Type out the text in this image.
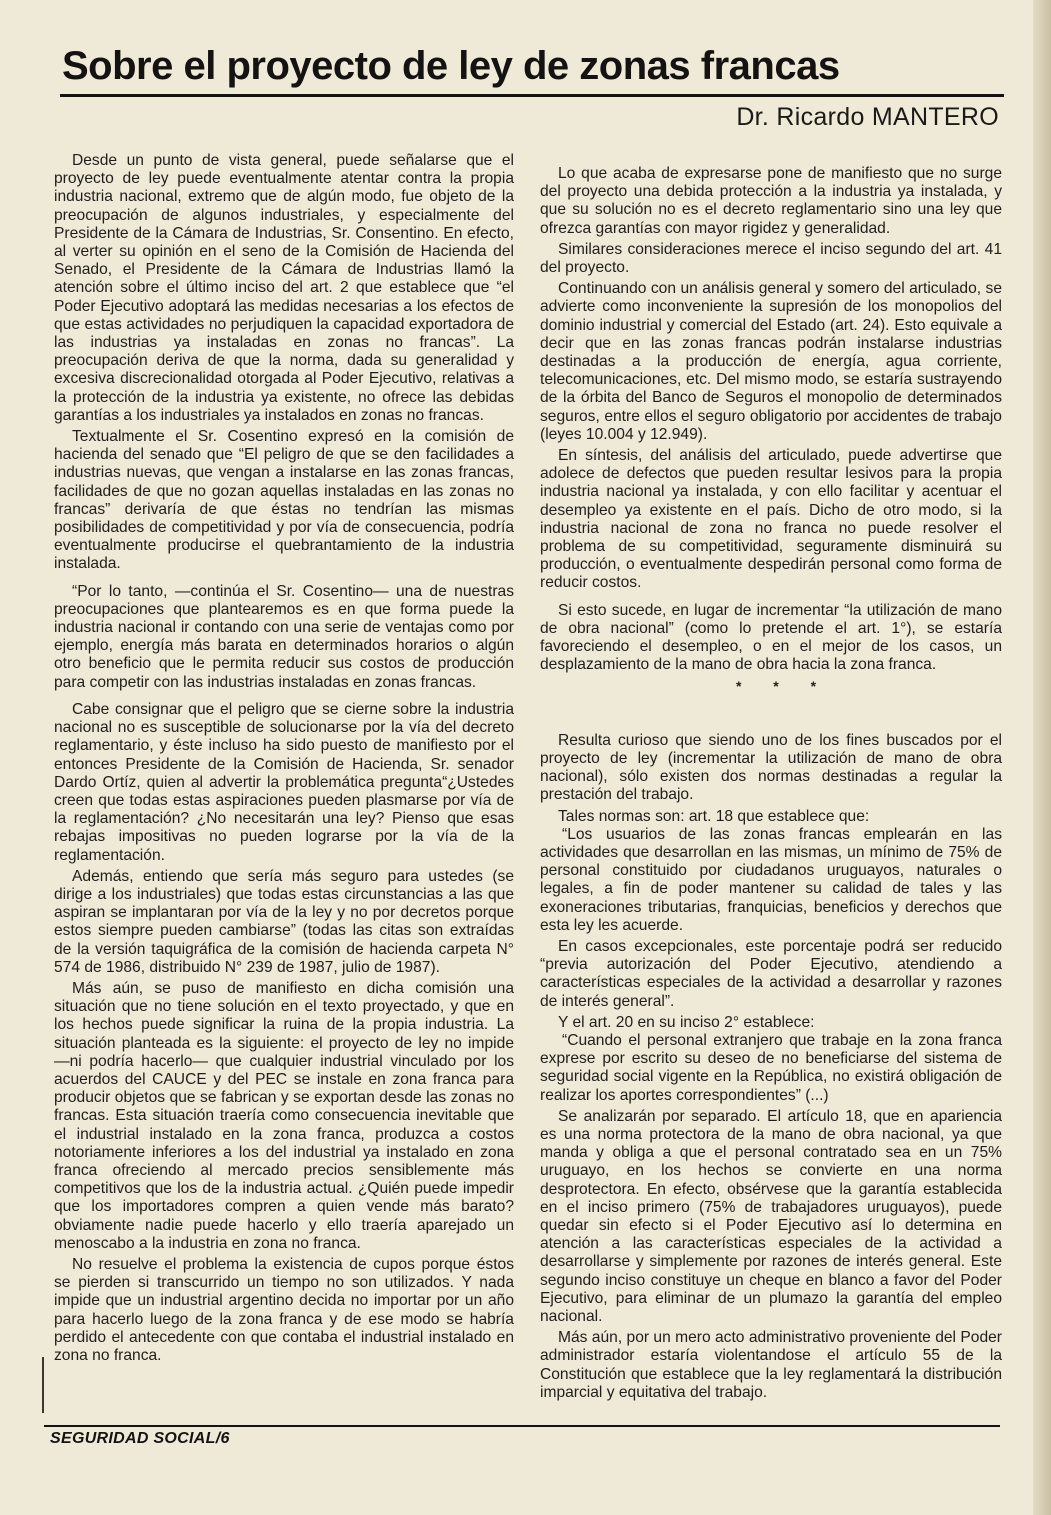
Sobre el proyecto de ley de zonas francas
Dr. Ricardo MANTERO

Desde un punto de vista general, puede señalarse que el proyecto de ley puede eventualmente atentar contra la propia industria nacional, extremo que de algún modo, fue objeto de la preocupación de algunos industriales, y especialmente del Presidente de la Cámara de Industrias, Sr. Consentino. En efecto, al verter su opinión en el seno de la Comisión de Hacienda del Senado, el Presidente de la Cámara de Industrias llamó la atención sobre el último inciso del art. 2 que establece que “el Poder Ejecutivo adoptará las medidas necesarias a los efectos de que estas actividades no perjudiquen la capacidad exportadora de las industrias ya instaladas en zonas no francas”. La preocupación deriva de que la norma, dada su generalidad y excesiva discrecionalidad otorgada al Poder Ejecutivo, relativas a la protección de la industria ya existente, no ofrece las debidas garantías a los industriales ya instalados en zonas no francas.

Textualmente el Sr. Cosentino expresó en la comisión de hacienda del senado que “El peligro de que se den facilidades a industrias nuevas, que vengan a instalarse en las zonas francas, facilidades de que no gozan aquellas instaladas en las zonas no francas” derivaría de que éstas no tendrían las mismas posibilidades de competitividad y por vía de consecuencia, podría eventualmente producirse el quebrantamiento de la industria instalada.

“Por lo tanto, —continúa el Sr. Cosentino— una de nuestras preocupaciones que plantearemos es en que forma puede la industria nacional ir contando con una serie de ventajas como por ejemplo, energía más barata en determinados horarios o algún otro beneficio que le permita reducir sus costos de producción para competir con las industrias instaladas en zonas francas.

Cabe consignar que el peligro que se cierne sobre la industria nacional no es susceptible de solucionarse por la vía del decreto reglamentario, y éste incluso ha sido puesto de manifiesto por el entonces Presidente de la Comisión de Hacienda, Sr. senador Dardo Ortíz, quien al advertir la problemática pregunta“¿Ustedes creen que todas estas aspiraciones pueden plasmarse por vía de la reglamentación? ¿No necesitarán una ley? Pienso que esas rebajas impositivas no pueden lograrse por la vía de la reglamentación.

Además, entiendo que sería más seguro para ustedes (se dirige a los industriales) que todas estas circunstancias a las que aspiran se implantaran por vía de la ley y no por decretos porque estos siempre pueden cambiarse” (todas las citas son extraídas de la versión taquigráfica de la comisión de hacienda carpeta N° 574 de 1986, distribuido N° 239 de 1987, julio de 1987).

Más aún, se puso de manifiesto en dicha comisión una situación que no tiene solución en el texto proyectado, y que en los hechos puede significar la ruina de la propia industria. La situación planteada es la siguiente: el proyecto de ley no impide —ni podría hacerlo— que cualquier industrial vinculado por los acuerdos del CAUCE y del PEC se instale en zona franca para producir objetos que se fabrican y se exportan desde las zonas no francas. Esta situación traería como consecuencia inevitable que el industrial instalado en la zona franca, produzca a costos notoriamente inferiores a los del industrial ya instalado en zona franca ofreciendo al mercado precios sensiblemente más competitivos que los de la industria actual. ¿Quién puede impedir que los importadores compren a quien vende más barato? obviamente nadie puede hacerlo y ello traería aparejado un menoscabo a la industria en zona no franca.

No resuelve el problema la existencia de cupos porque éstos se pierden si transcurrido un tiempo no son utilizados. Y nada impide que un industrial argentino decida no importar por un año para hacerlo luego de la zona franca y de ese modo se habría perdido el antecedente con que contaba el industrial instalado en zona no franca.

Lo que acaba de expresarse pone de manifiesto que no surge del proyecto una debida protección a la industria ya instalada, y que su solución no es el decreto reglamentario sino una ley que ofrezca garantías con mayor rigidez y generalidad.

Similares consideraciones merece el inciso segundo del art. 41 del proyecto.

Continuando con un análisis general y somero del articulado, se advierte como inconveniente la supresión de los monopolios del dominio industrial y comercial del Estado (art. 24). Esto equivale a decir que en las zonas francas podrán instalarse industrias destinadas a la producción de energía, agua corriente, telecomunicaciones, etc. Del mismo modo, se estaría sustrayendo de la órbita del Banco de Seguros el monopolio de determinados seguros, entre ellos el seguro obligatorio por accidentes de trabajo (leyes 10.004 y 12.949).

En síntesis, del análisis del articulado, puede advertirse que adolece de defectos que pueden resultar lesivos para la propia industria nacional ya instalada, y con ello facilitar y acentuar el desempleo ya existente en el país. Dicho de otro modo, si la industria nacional de zona no franca no puede resolver el problema de su competitividad, seguramente disminuirá su producción, o eventualmente despedirán personal como forma de reducir costos.

Si esto sucede, en lugar de incrementar “la utilización de mano de obra nacional” (como lo pretende el art. 1°), se estaría favoreciendo el desempleo, o en el mejor de los casos, un desplazamiento de la mano de obra hacia la zona franca.

* * *

Resulta curioso que siendo uno de los fines buscados por el proyecto de ley (incrementar la utilización de mano de obra nacional), sólo existen dos normas destinadas a regular la prestación del trabajo.

Tales normas son: art. 18 que establece que:

“Los usuarios de las zonas francas emplearán en las actividades que desarrollan en las mismas, un mínimo de 75% de personal constituido por ciudadanos uruguayos, naturales o legales, a fin de poder mantener su calidad de tales y las exoneraciones tributarias, franquicias, beneficios y derechos que esta ley les acuerde.

En casos excepcionales, este porcentaje podrá ser reducido “previa autorización del Poder Ejecutivo, atendiendo a características especiales de la actividad a desarrollar y razones de interés general”.

Y el art. 20 en su inciso 2° establece:

“Cuando el personal extranjero que trabaje en la zona franca exprese por escrito su deseo de no beneficiarse del sistema de seguridad social vigente en la República, no existirá obligación de realizar los aportes correspondientes” (...)

Se analizarán por separado. El artículo 18, que en apariencia es una norma protectora de la mano de obra nacional, ya que manda y obliga a que el personal contratado sea en un 75% uruguayo, en los hechos se convierte en una norma desprotectora. En efecto, obsérvese que la garantía establecida en el inciso primero (75% de trabajadores uruguayos), puede quedar sin efecto si el Poder Ejecutivo así lo determina en atención a las características especiales de la actividad a desarrollarse y simplemente por razones de interés general. Este segundo inciso constituye un cheque en blanco a favor del Poder Ejecutivo, para eliminar de un plumazo la garantía del empleo nacional.

Más aún, por un mero acto administrativo proveniente del Poder administrador estaría violentandose el artículo 55 de la Constitución que establece que la ley reglamentará la distribución imparcial y equitativa del trabajo.

SEGURIDAD SOCIAL/6
